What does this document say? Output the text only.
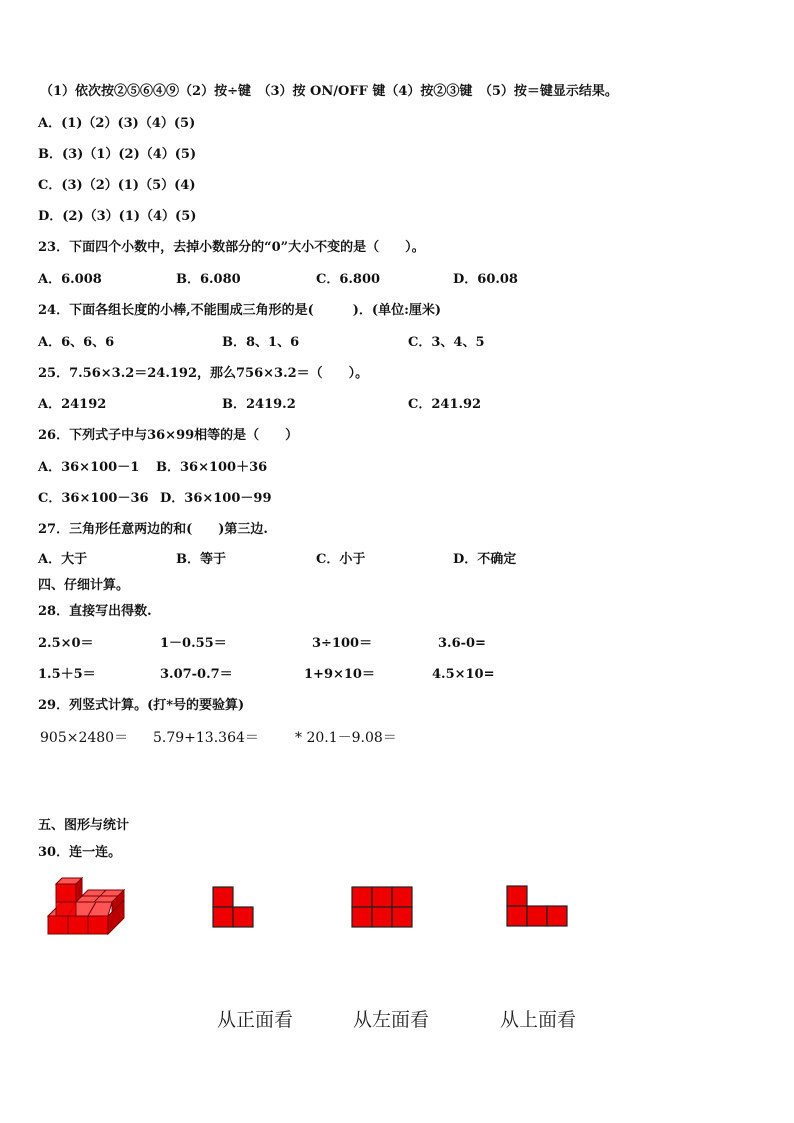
（1）依次按②⑤⑥④⑨（2）按÷键　（3）按 ON/OFF 键（4）按②③键　（5）按＝键显示结果。
A．(1)（2）(3)（4）(5)
B．(3)（1）(2)（4）(5)
C．(3)（2）(1)（5）(4)
D．(2)（3）(1)（4）(5)
23．下面四个小数中，去掉小数部分的“0”大小不变的是（　　）。
A．6.008	B．6.080	C．6.800	D．60.08
24．下面各组长度的小棒,不能围成三角形的是(　　　)．(单位:厘米)
A．6、6、6	B．8、1、6	C．3、4、5
25．7.56×3.2＝24.192，那么756×3.2＝（　　）。
A．24192	B．2419.2	C．241.92
26．下列式子中与36×99相等的是（　　）
A．36×100－1 B．36×100＋36
C．36×100－36 D．36×100－99
27．三角形任意两边的和(　　)第三边.
A．大于	B．等于	C．小于	D．不确定
四、仔细计算。
28．直接写出得数.
2.5×0＝	1－0.55＝	3÷100＝	3.6-0=
1.5＋5＝	3.07-0.7＝	1+9×10＝	4.5×10=
29．列竖式计算。(打*号的要验算)
905×2480＝ 5.79+13.364＝	* 20.1－9.08＝
五、图形与统计
30．连一连。
从正面看	从左面看	从上面看
